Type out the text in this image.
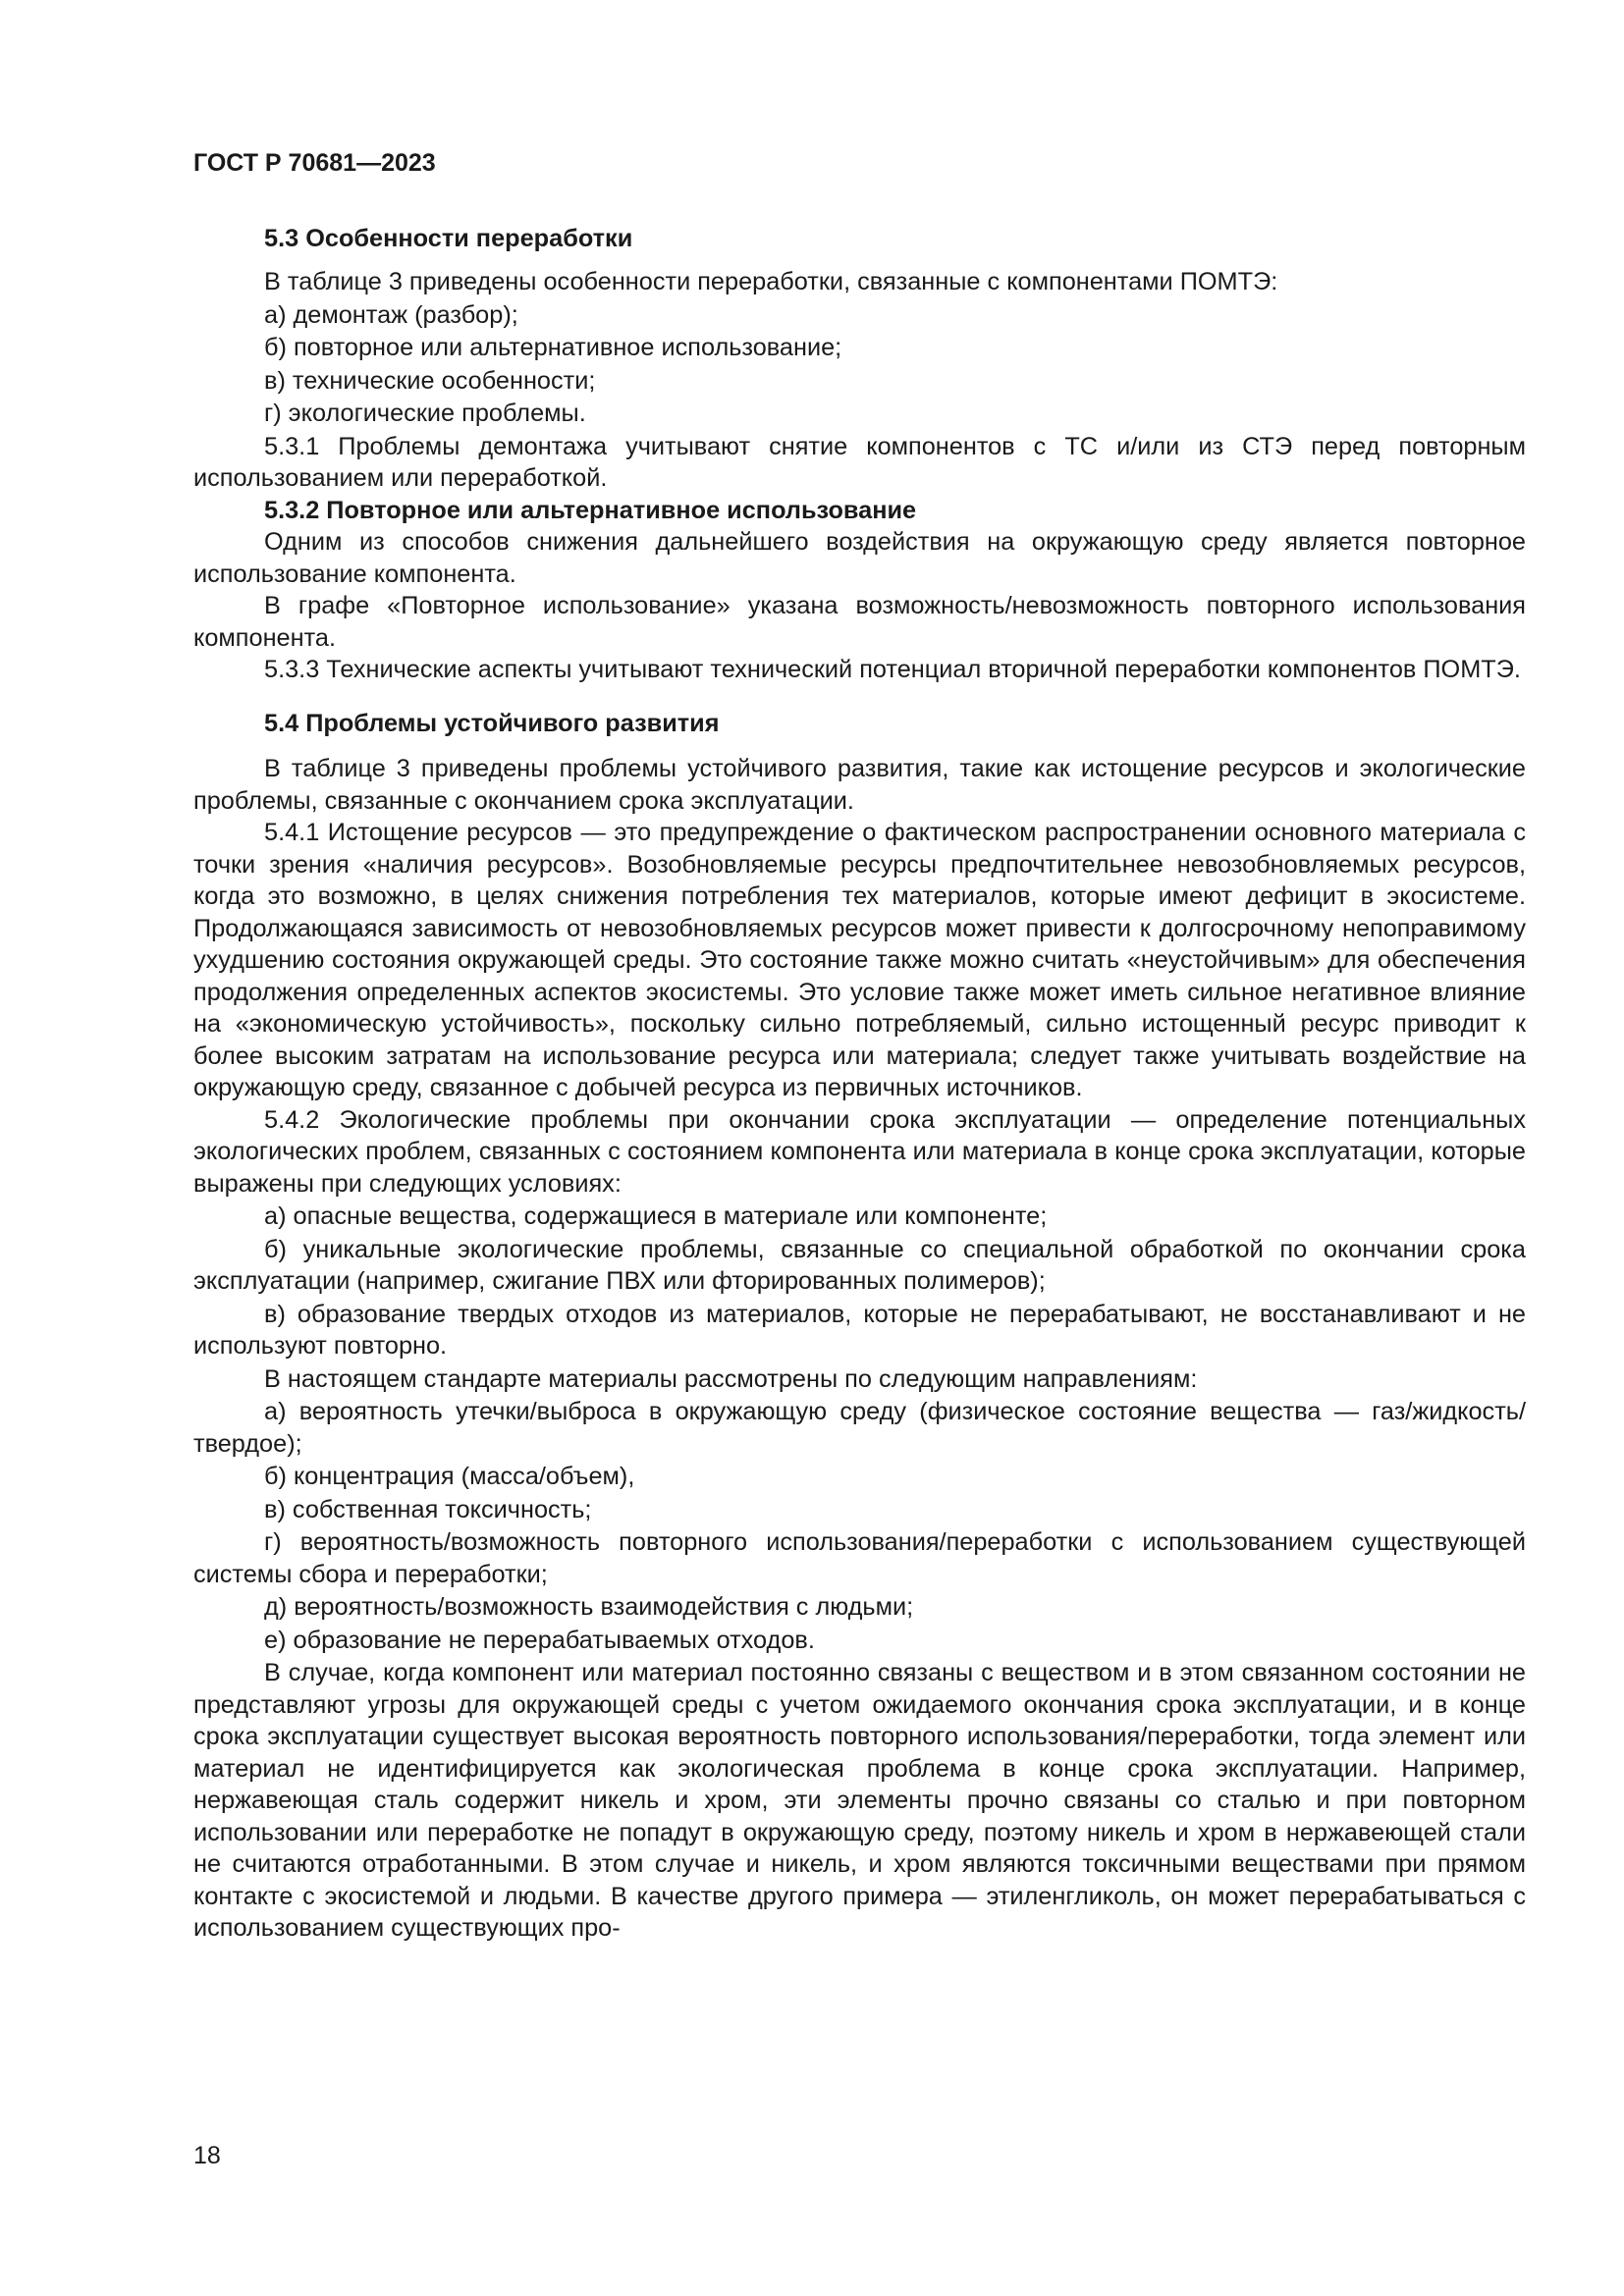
ГОСТ Р 70681—2023
5.3 Особенности переработки

В таблице 3 приведены особенности переработки, связанные с компонентами ПОМТЭ:

а) демонтаж (разбор);

б) повторное или альтернативное использование;

в) технические особенности;

г) экологические проблемы.

5.3.1 Проблемы демонтажа учитывают снятие компонентов с ТС и/или из СТЭ перед повторным использованием или переработкой.

5.3.2 Повторное или альтернативное использование

Одним из способов снижения дальнейшего воздействия на окружающую среду является повторное использование компонента.

В графе «Повторное использование» указана возможность/невозможность повторного использования компонента.

5.3.3 Технические аспекты учитывают технический потенциал вторичной переработки компонентов ПОМТЭ.

5.4 Проблемы устойчивого развития

В таблице 3 приведены проблемы устойчивого развития, такие как истощение ресурсов и экологические проблемы, связанные с окончанием срока эксплуатации.

5.4.1 Истощение ресурсов — это предупреждение о фактическом распространении основного материала с точки зрения «наличия ресурсов». Возобновляемые ресурсы предпочтительнее невозобновляемых ресурсов, когда это возможно, в целях снижения потребления тех материалов, которые имеют дефицит в экосистеме. Продолжающаяся зависимость от невозобновляемых ресурсов может привести к долгосрочному непоправимому ухудшению состояния окружающей среды. Это состояние также можно считать «неустойчивым» для обеспечения продолжения определенных аспектов экосистемы. Это условие также может иметь сильное негативное влияние на «экономическую устойчивость», поскольку сильно потребляемый, сильно истощенный ресурс приводит к более высоким затратам на использование ресурса или материала; следует также учитывать воздействие на окружающую среду, связанное с добычей ресурса из первичных источников.

5.4.2 Экологические проблемы при окончании срока эксплуатации — определение потенциальных экологических проблем, связанных с состоянием компонента или материала в конце срока эксплуатации, которые выражены при следующих условиях:

а) опасные вещества, содержащиеся в материале или компоненте;

б) уникальные экологические проблемы, связанные со специальной обработкой по окончании срока эксплуатации (например, сжигание ПВХ или фторированных полимеров);

в) образование твердых отходов из материалов, которые не перерабатывают, не восстанавливают и не используют повторно.

В настоящем стандарте материалы рассмотрены по следующим направлениям:

а) вероятность утечки/выброса в окружающую среду (физическое состояние вещества — газ/жидкость/твердое);

б) концентрация (масса/объем),

в) собственная токсичность;

г) вероятность/возможность повторного использования/переработки с использованием существующей системы сбора и переработки;

д) вероятность/возможность взаимодействия с людьми;

е) образование не перерабатываемых отходов.

В случае, когда компонент или материал постоянно связаны с веществом и в этом связанном состоянии не представляют угрозы для окружающей среды с учетом ожидаемого окончания срока эксплуатации, и в конце срока эксплуатации существует высокая вероятность повторного использования/переработки, тогда элемент или материал не идентифицируется как экологическая проблема в конце срока эксплуатации. Например, нержавеющая сталь содержит никель и хром, эти элементы прочно связаны со сталью и при повторном использовании или переработке не попадут в окружающую среду, поэтому никель и хром в нержавеющей стали не считаются отработанными. В этом случае и никель, и хром являются токсичными веществами при прямом контакте с экосистемой и людьми. В качестве другого примера — этиленгликоль, он может перерабатываться с использованием существующих про-

18
